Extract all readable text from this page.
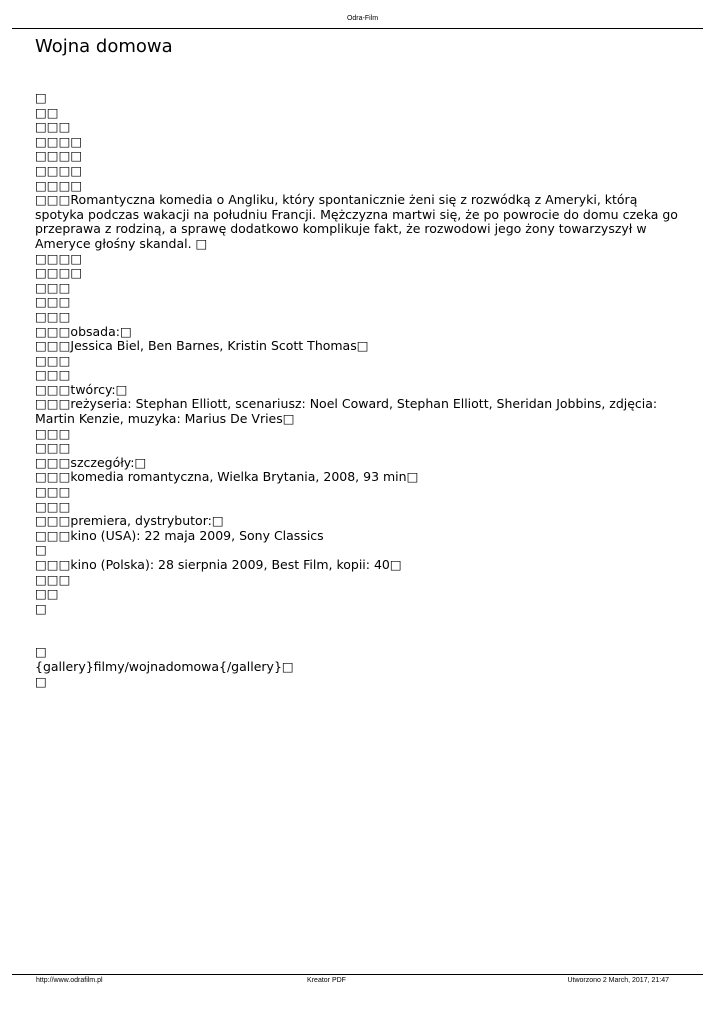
Odra-Film
Wojna domowa
□
□□
□□□
□□□□
□□□□
□□□□
□□□□
□□□Romantyczna komedia o Angliku, który spontanicznie żeni się z rozwódką z Ameryki, którą spotyka podczas wakacji na południu Francji. Mężczyzna martwi się, że po powrocie do domu czeka go przeprawa z rodziną, a sprawę dodatkowo komplikuje fakt, że rozwodowi jego żony towarzyszył w Ameryce głośny skandal. □
□□□□
□□□□
□□□
□□□
□□□
□□□obsada:□
□□□Jessica Biel, Ben Barnes, Kristin Scott Thomas□
□□□
□□□
□□□twórcy:□
□□□reżyseria: Stephan Elliott, scenariusz: Noel Coward, Stephan Elliott, Sheridan Jobbins, zdjęcia: Martin Kenzie, muzyka: Marius De Vries□
□□□
□□□
□□□szczegóły:□
□□□komedia romantyczna, Wielka Brytania, 2008, 93 min□
□□□
□□□
□□□premiera, dystrybutor:□
□□□kino (USA): 22 maja 2009, Sony Classics
□
□□□kino (Polska): 28 sierpnia 2009, Best Film, kopii: 40□
□□□
□□
□
□
{gallery}filmy/wojnadomowa{/gallery}□
□
http://www.odrafilm.pl	Kreator PDF	Utworzono 2 March, 2017, 21:47
